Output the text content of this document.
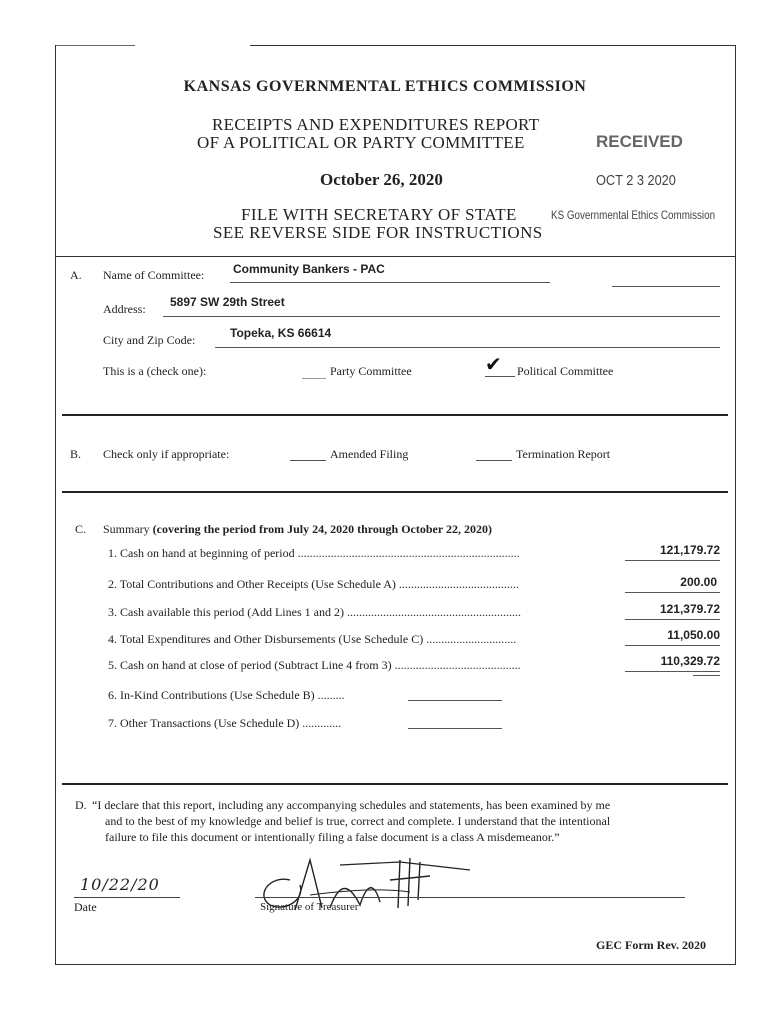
KANSAS GOVERNMENTAL ETHICS COMMISSION
RECEIPTS AND EXPENDITURES REPORT
OF A POLITICAL OR PARTY COMMITTEE
October 26, 2020
FILE WITH SECRETARY OF STATE
SEE REVERSE SIDE FOR INSTRUCTIONS
RECEIVED
OCT 2 3 2020
KS Governmental Ethics Commission
A. Name of Committee: Community Bankers - PAC
Address: 5897 SW 29th Street
City and Zip Code:	Topeka, KS 66614
This is a (check one):	Party Committee	✔ Political Committee
B. Check only if appropriate:	Amended Filing	Termination Report
C. Summary (covering the period from July 24, 2020 through October 22, 2020)
1. Cash on hand at beginning of period ..........................................................................	121,179.72
2. Total Contributions and Other Receipts (Use Schedule A) ........................................	200.00
3. Cash available this period (Add Lines 1 and 2) ..........................................................	121,379.72
4. Total Expenditures and Other Disbursements (Use Schedule C) ..............................	11,050.00
5. Cash on hand at close of period (Subtract Line 4 from 3) ..........................................	110,329.72
6. In-Kind Contributions (Use Schedule B) .........
7. Other Transactions (Use Schedule D) .............
D. “I declare that this report, including any accompanying schedules and statements, has been examined by me
and to the best of my knowledge and belief is true, correct and complete. I understand that the intentional
failure to file this document or intentionally filing a false document is a class A misdemeanor.”
10/22/20
Date	Signature of Treasurer
GEC Form Rev. 2020
